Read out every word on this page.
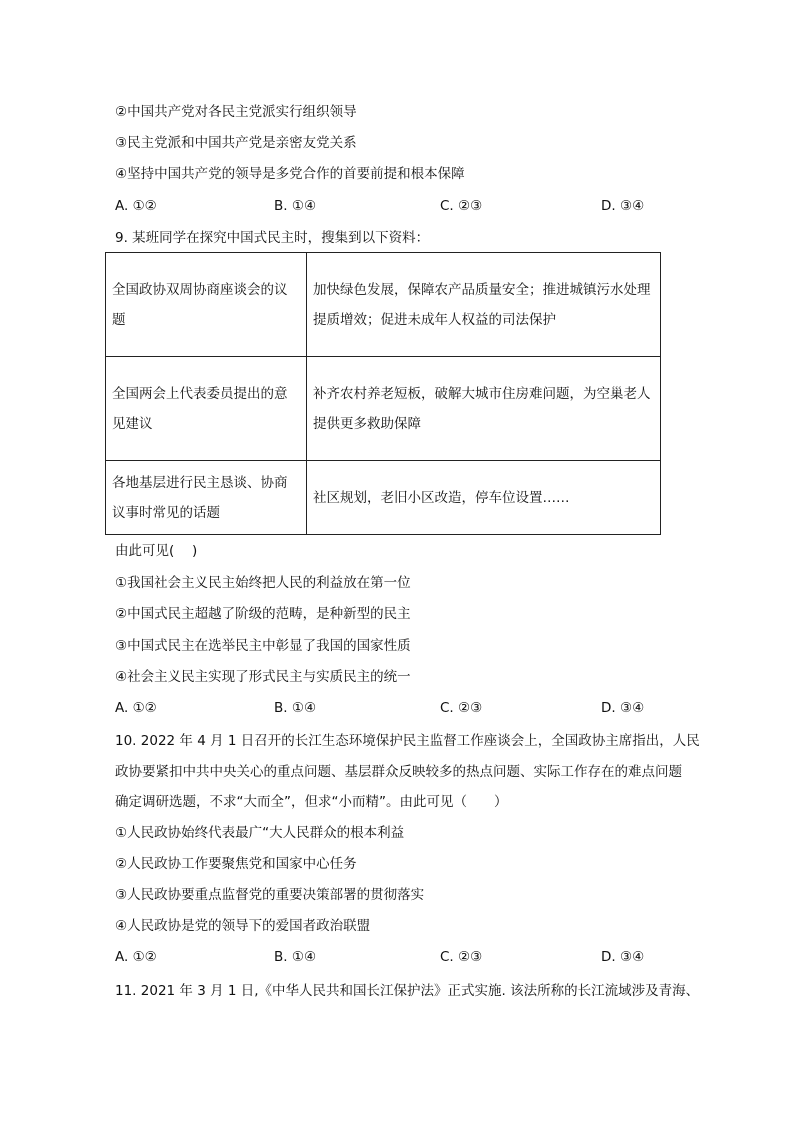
②中国共产党对各民主党派实行组织领导
③民主党派和中国共产党是亲密友党关系
④坚持中国共产党的领导是多党合作的首要前提和根本保障
A. ①②	B. ①④	C. ②③	D. ③④
9. 某班同学在探究中国式民主时，搜集到以下资料：
全国政协双周协商座谈会的议题	加快绿色发展，保障农产品质量安全；推进城镇污水处理提质增效；促进未成年人权益的司法保护
全国两会上代表委员提出的意见建议	补齐农村养老短板，破解大城市住房难问题，为空巢老人提供更多救助保障
各地基层进行民主恳谈、协商议事时常见的话题	社区规划，老旧小区改造，停车位设置……
由此可见(　 )
①我国社会主义民主始终把人民的利益放在第一位
②中国式民主超越了阶级的范畴，是种新型的民主
③中国式民主在选举民主中彰显了我国的国家性质
④社会主义民主实现了形式民主与实质民主的统一
A. ①②	B. ①④	C. ②③	D. ③④
10. 2022 年 4 月 1 日召开的长江生态环境保护民主监督工作座谈会上，全国政协主席指出，人民
政协要紧扣中共中央关心的重点问题、基层群众反映较多的热点问题、实际工作存在的难点问题
确定调研选题，不求“大而全”，但求“小而精”。由此可见（　　）
①人民政协始终代表最广“大人民群众的根本利益
②人民政协工作要聚焦党和国家中心任务
③人民政协要重点监督党的重要决策部署的贯彻落实
④人民政协是党的领导下的爱国者政治联盟
A. ①②	B. ①④	C. ②③	D. ③④
11. 2021 年 3 月 1 日,《中华人民共和国长江保护法》正式实施. 该法所称的长江流域涉及青海、
